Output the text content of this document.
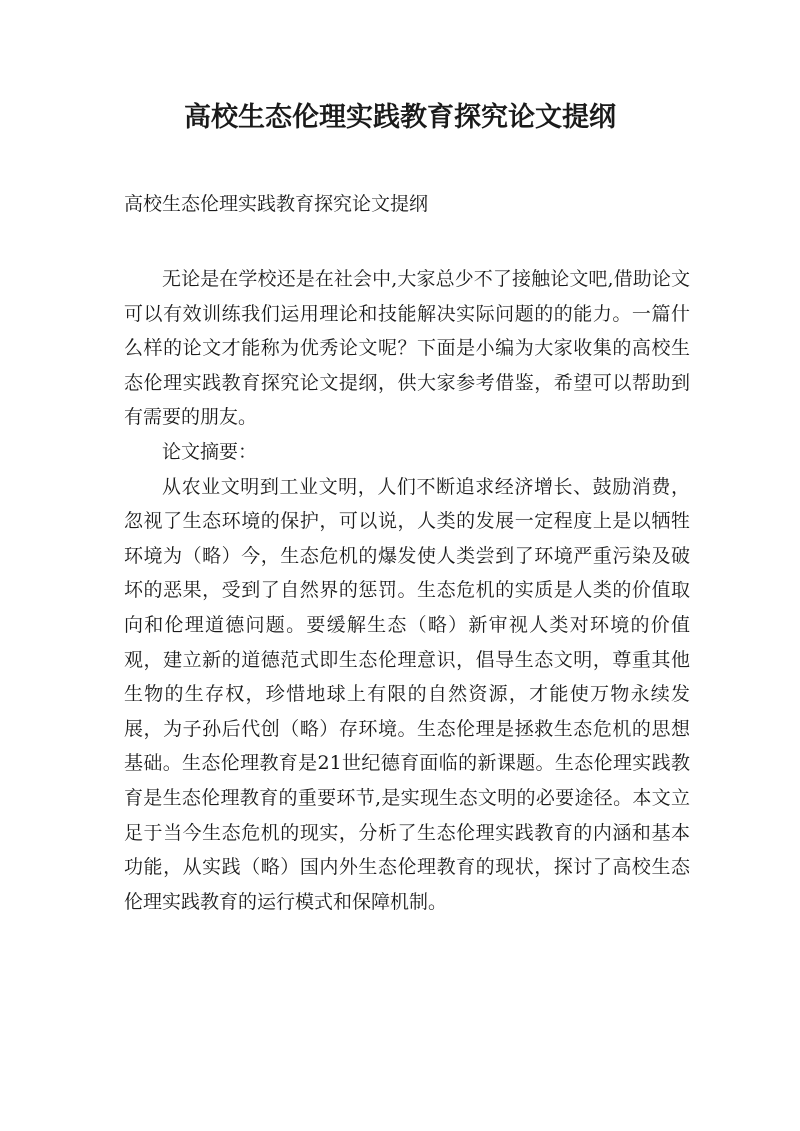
高校生态伦理实践教育探究论文提纲

高校生态伦理实践教育探究论文提纲

无论是在学校还是在社会中,大家总少不了接触论文吧,借助论文可以有效训练我们运用理论和技能解决实际问题的的能力。一篇什么样的论文才能称为优秀论文呢？下面是小编为大家收集的高校生态伦理实践教育探究论文提纲，供大家参考借鉴，希望可以帮助到有需要的朋友。

论文摘要：

从农业文明到工业文明，人们不断追求经济增长、鼓励消费，忽视了生态环境的保护，可以说，人类的发展一定程度上是以牺牲环境为（略）今，生态危机的爆发使人类尝到了环境严重污染及破坏的恶果，受到了自然界的惩罚。生态危机的实质是人类的价值取向和伦理道德问题。要缓解生态（略）新审视人类对环境的价值观，建立新的道德范式即生态伦理意识，倡导生态文明，尊重其他生物的生存权，珍惜地球上有限的自然资源，才能使万物永续发展，为子孙后代创（略）存环境。生态伦理是拯救生态危机的思想基础。生态伦理教育是21世纪德育面临的新课题。生态伦理实践教育是生态伦理教育的重要环节,是实现生态文明的必要途径。本文立足于当今生态危机的现实，分析了生态伦理实践教育的内涵和基本功能，从实践（略）国内外生态伦理教育的现状，探讨了高校生态伦理实践教育的运行模式和保障机制。
